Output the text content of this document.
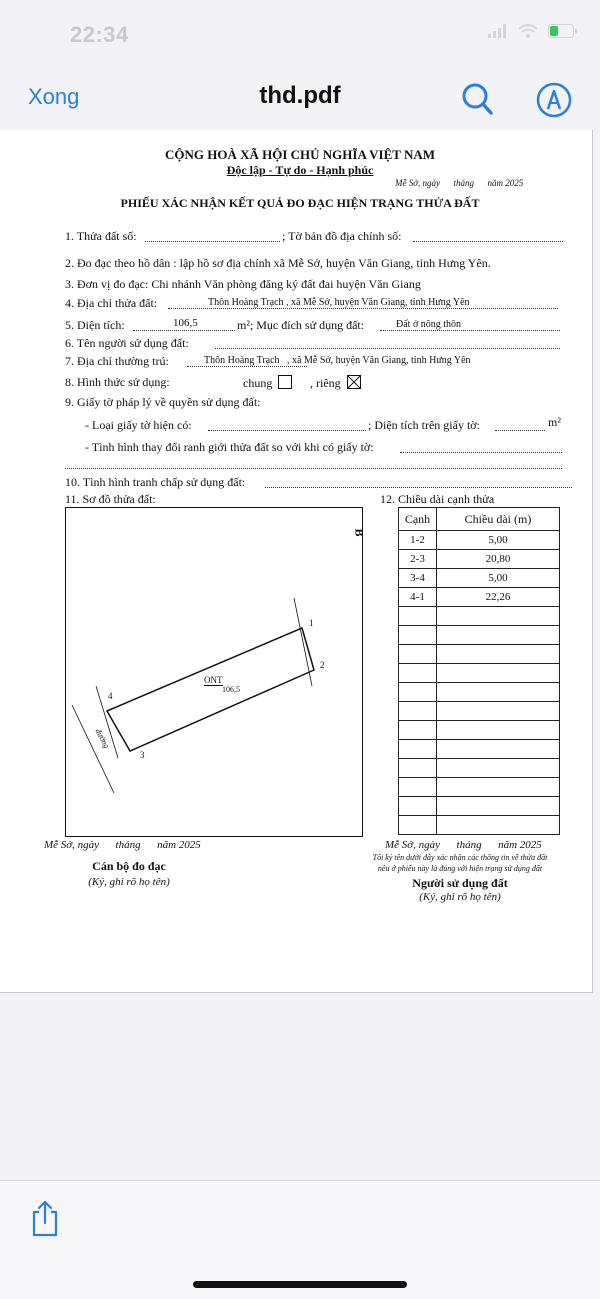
22:34
Xong	thd.pdf
CỘNG HOÀ XÃ HỘI CHỦ NGHĨA VIỆT NAM
Độc lập - Tự do - Hạnh phúc
Mễ Sở, ngày      tháng      năm 2025
PHIẾU XÁC NHẬN KẾT QUẢ ĐO ĐẠC HIỆN TRẠNG THỬA ĐẤT
1. Thửa đất số:	; Tờ bản đồ địa chính số:
2. Đo đạc theo hồ dân : lập hồ sơ địa chính xã Mễ Sở, huyện Văn Giang, tỉnh Hưng Yên.
3. Đơn vị đo đạc: Chi nhánh Văn phòng đăng ký đất đai huyện Văn Giang
4. Địa chỉ thửa đất:	Thôn Hoàng Trạch , xã Mễ Sở, huyện Văn Giang, tỉnh Hưng Yên
5. Diện tích:	106,5	m²; Mục đích sử dụng đất:	Đất ở nông thôn
6. Tên người sử dụng đất:
7. Địa chỉ thường trú:	Thôn Hoàng Trạch   , xã Mễ Sở, huyện Văn Giang, tỉnh Hưng Yên
8. Hình thức sử dụng:	chung	, riêng
9. Giấy tờ pháp lý về quyền sử dụng đất:
- Loại giấy tờ hiện có:	; Diện tích trên giấy tờ:	m²
- Tình hình thay đổi ranh giới thửa đất so với khi có giấy tờ:
10. Tình hình tranh chấp sử dụng đất:
11. Sơ đồ thửa đất:	12. Chiều dài cạnh thửa
B
1
2
3
4
ONT
106,5
đường
Cạnh	Chiều dài (m)
1-2	5,00
2-3	20,80
3-4	5,00
4-1	22,26

Mễ Sở, ngày      tháng      năm 2025
Cán bộ đo đạc
(Ký, ghi rõ họ tên)
Mễ Sở, ngày      tháng      năm 2025
Tôi ký tên dưới đây xác nhận các thông tin về thửa đất
nêu ở phiếu này là đúng với hiện trạng sử dụng đất
Người sử dụng đất
(Ký, ghi rõ họ tên)
